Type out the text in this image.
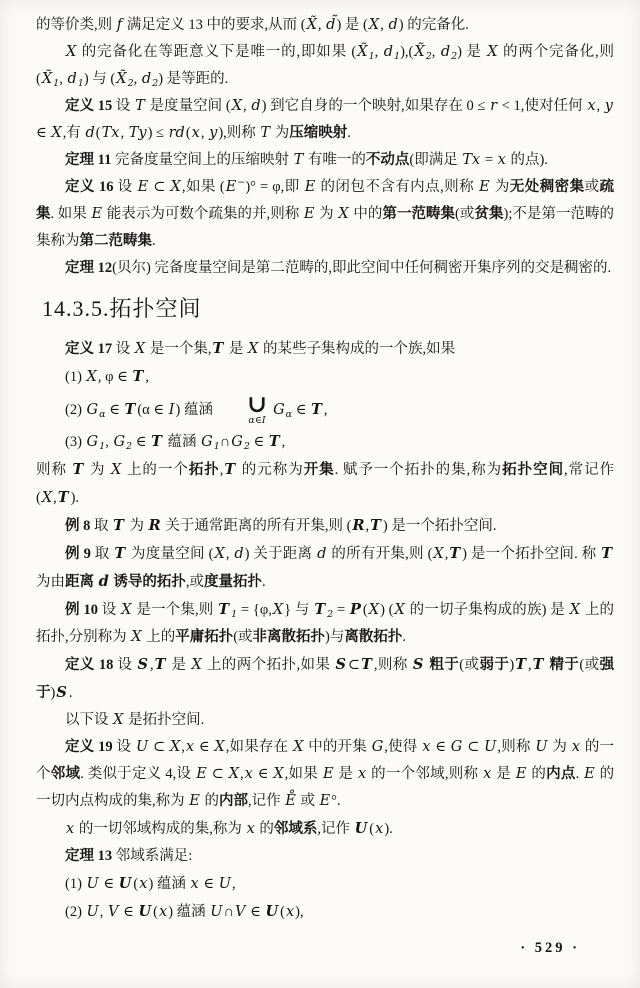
的等价类,则 f 满足定义 13 中的要求,从而 (X̃, d̃) 是 (X, d) 的完备化.

X 的完备化在等距意义下是唯一的,即如果 ($X̃_1$, $d_1),(X̃_2$, $d_2$) 是 X 的两个完备化,则 ($X̃_1$, $d_1$) 与 ($X̃_2$, $d_2$) 是等距的.

定义 15 设 T 是度量空间 (X, d) 到它自身的一个映射,如果存在 0 ≤ r < 1,使对任何 x, y ∈ X,有 d(Tx, Ty) ≤ rd(x, y),则称 T 为压缩映射.

定理 11 完备度量空间上的压缩映射 T 有唯一的不动点(即满足 Tx = x 的点).

定义 16 设 E ⊂ X,如果 (E−)° = φ,即 E 的闭包不含有内点,则称 E 为无处稠密集或疏集. 如果 E 能表示为可数个疏集的并,则称 E 为 X 中的第一范畴集(或贫集);不是第一范畴的集称为第二范畴集.

定理 12(贝尔) 完备度量空间是第二范畴的,即此空间中任何稠密开集序列的交是稠密的.

14.3.5.拓扑空间

定义 17 设 X 是一个集,T 是 X 的某些子集构成的一个族,如果

(1) X, φ ∈ T,

(2) $G_\alpha$ ∈ T(α ∈ I) 蕴涵	∪
α∈I
$G_\alpha$ ∈ T,

(3) $G_1$, $G_2$ ∈ T 蕴涵 $G_1\cap G_2$ ∈ T,

则称 T 为 X 上的一个拓扑,T 的元称为开集. 赋予一个拓扑的集,称为拓扑空间,常记作 (X,T).

例 8 取 T 为 R 关于通常距离的所有开集,则 (R,T) 是一个拓扑空间.

例 9 取 T 为度量空间 (X, d) 关于距离 d 的所有开集,则 (X,T) 是一个拓扑空间. 称 T 为由距离 d 诱导的拓扑,或度量拓扑.

例 10 设 X 是一个集,则 $T_1 = \{\varphi,X\}$ 与 $T_2 = P(X)$ (X 的一切子集构成的族) 是 X 上的拓扑,分别称为 X 上的平庸拓扑(或非离散拓扑)与离散拓扑.

定义 18 设 S,T 是 X 上的两个拓扑,如果 S⊂T,则称 S 粗于(或弱于)T,T 精于(或强于)S.

以下设 X 是拓扑空间.

定义 19 设 U ⊂ X,x ∈ X,如果存在 X 中的开集 G,使得 x ∈ G ⊂ U,则称 U 为 x 的一个邻域. 类似于定义 4,设 E ⊂ X,x ∈ X,如果 E 是 x 的一个邻域,则称 x 是 E 的内点. E 的一切内点构成的集,称为 E 的内部,记作 E̊ 或 E°.

x 的一切邻域构成的集,称为 x 的邻域系,记作 U(x).

定理 13 邻域系满足:

(1) U ∈ U(x) 蕴涵 x ∈ U,

(2) U, V ∈ U(x) 蕴涵 U∩V ∈ U(x),

· 529 ·
